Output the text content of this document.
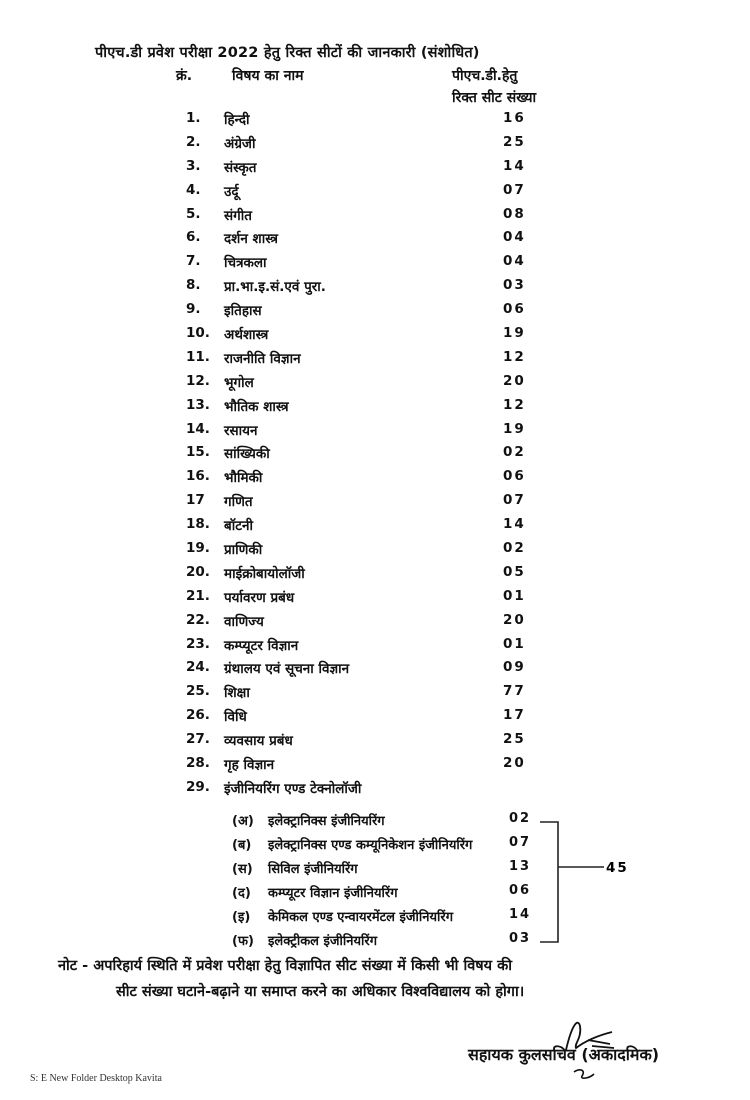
पीएच.डी प्रवेश परीक्षा 2022 हेतु रिक्त सीटों की जानकारी (संशोधित)
क्रं.	विषय का नाम	पीएच.डी.हेतु
रिक्त सीट संख्या
1.	हिन्दी	16
2.	अंग्रेजी	25
3.	संस्कृत	14
4.	उर्दू	07
5.	संगीत	08
6.	दर्शन शास्त्र	04
7.	चित्रकला	04
8.	प्रा.भा.इ.सं.एवं पुरा.	03
9.	इतिहास	06
10.	अर्थशास्त्र	19
11.	राजनीति विज्ञान	12
12.	भूगोल	20
13.	भौतिक शास्त्र	12
14.	रसायन	19
15.	सांख्यिकी	02
16.	भौमिकी	06
17	गणित	07
18.	बॉटनी	14
19.	प्राणिकी	02
20.	माईक्रोबायोलॉजी	05
21.	पर्यावरण प्रबंध	01
22.	वाणिज्य	20
23.	कम्प्यूटर विज्ञान	01
24.	ग्रंथालय एवं सूचना विज्ञान	09
25.	शिक्षा	77
26.	विधि	17
27.	व्यवसाय प्रबंध	25
28.	गृह विज्ञान	20
29.	इंजीनियरिंग एण्ड टेक्नोलॉजी
(अ) इलेक्ट्रानिक्स इंजीनियरिंग	02
(ब) इलेक्ट्रानिक्स एण्ड कम्यूनिकेशन इंजीनियरिंग	07
(स) सिविल इंजीनियरिंग	13
(द) कम्प्यूटर विज्ञान इंजीनियरिंग	06
(इ) केमिकल एण्ड एन्वायरमेंटल इंजीनियरिंग	14
(फ) इलेक्ट्रीकल इंजीनियरिंग	03
45
नोट - अपरिहार्य स्थिति में प्रवेश परीक्षा हेतु विज्ञापित सीट संख्या में किसी भी विषय की
सीट संख्या घटाने-बढ़ाने या समाप्त करने का अधिकार विश्वविद्यालय को होगा।
सहायक कुलसचिव (अकादमिक)
S: E New Folder Desktop Kavita
